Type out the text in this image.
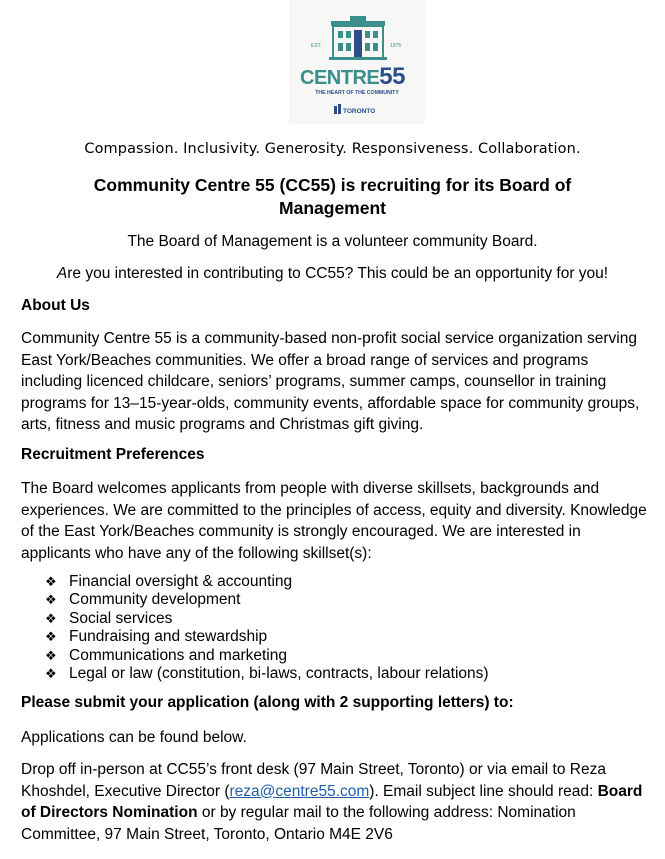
EST.	1975
CENTRE55
THE HEART OF THE COMMUNITY
TORONTO
Compassion. Inclusivity. Generosity. Responsiveness. Collaboration.
Community Centre 55 (CC55) is recruiting for its Board of Management
The Board of Management is a volunteer community Board.
Are you interested in contributing to CC55? This could be an opportunity for you!
About Us
Community Centre 55 is a community-based non-profit social service organization serving East York/Beaches communities. We offer a broad range of services and programs including licenced childcare, seniors’ programs, summer camps, counsellor in training programs for 13–15-year-olds, community events, affordable space for community groups, arts, fitness and music programs and Christmas gift giving.
Recruitment Preferences
The Board welcomes applicants from people with diverse skillsets, backgrounds and experiences. We are committed to the principles of access, equity and diversity. Knowledge of the East York/Beaches community is strongly encouraged. We are interested in applicants who have any of the following skillset(s):
❖ Financial oversight & accounting
❖ Community development
❖ Social services
❖ Fundraising and stewardship
❖ Communications and marketing
❖ Legal or law (constitution, bi-laws, contracts, labour relations)
Please submit your application (along with 2 supporting letters) to:
Applications can be found below.
Drop off in-person at CC55’s front desk (97 Main Street, Toronto) or via email to Reza Khoshdel, Executive Director (reza@centre55.com). Email subject line should read: Board of Directors Nomination or by regular mail to the following address: Nomination Committee, 97 Main Street, Toronto, Ontario M4E 2V6
